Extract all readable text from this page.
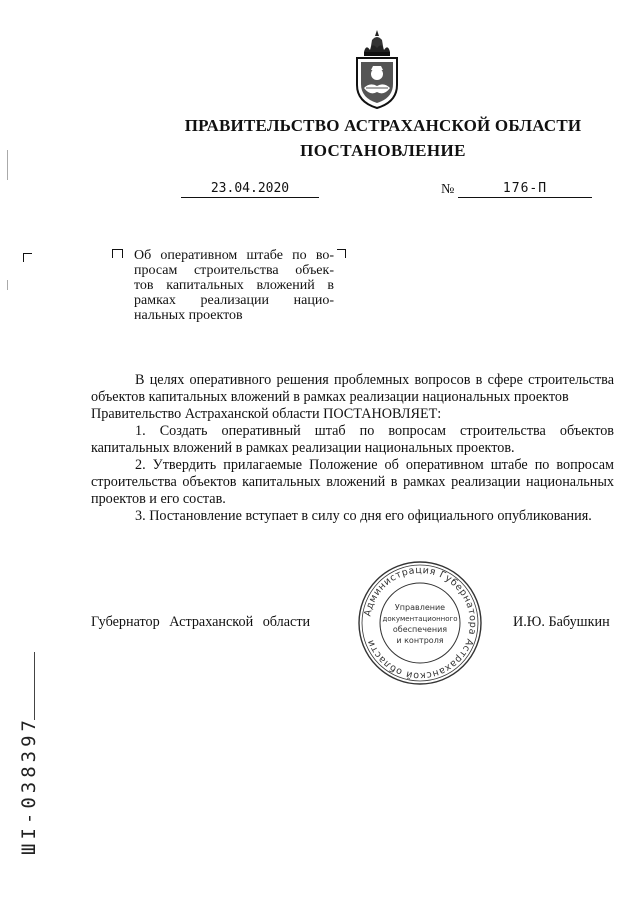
ПРАВИТЕЛЬСТВО АСТРАХАНСКОЙ ОБЛАСТИ
ПОСТАНОВЛЕНИЕ
23.04.2020	№	176-П
Об оперативном штабе по во-
просам строительства объек-
тов капитальных вложений в
рамках реализации нацио-
нальных проектов
В целях оперативного решения проблемных вопросов в сфере строительства объектов капитальных вложений в рамках реализации национальных проектов
Правительство Астраханской области ПОСТАНОВЛЯЕТ:
1. Создать оперативный штаб по вопросам строительства объектов капитальных вложений в рамках реализации национальных проектов.
2. Утвердить прилагаемые Положение об оперативном штабе по вопросам строительства объектов капитальных вложений в рамках реализации национальных проектов и его состав.
3. Постановление вступает в силу со дня его официального опубликования.
Губернатор Астраханской области	И.Ю. Бабушкин
Администрация Губернатора Астраханской области
Управление
документационного
обеспечения
и контроля
ШI-038397
